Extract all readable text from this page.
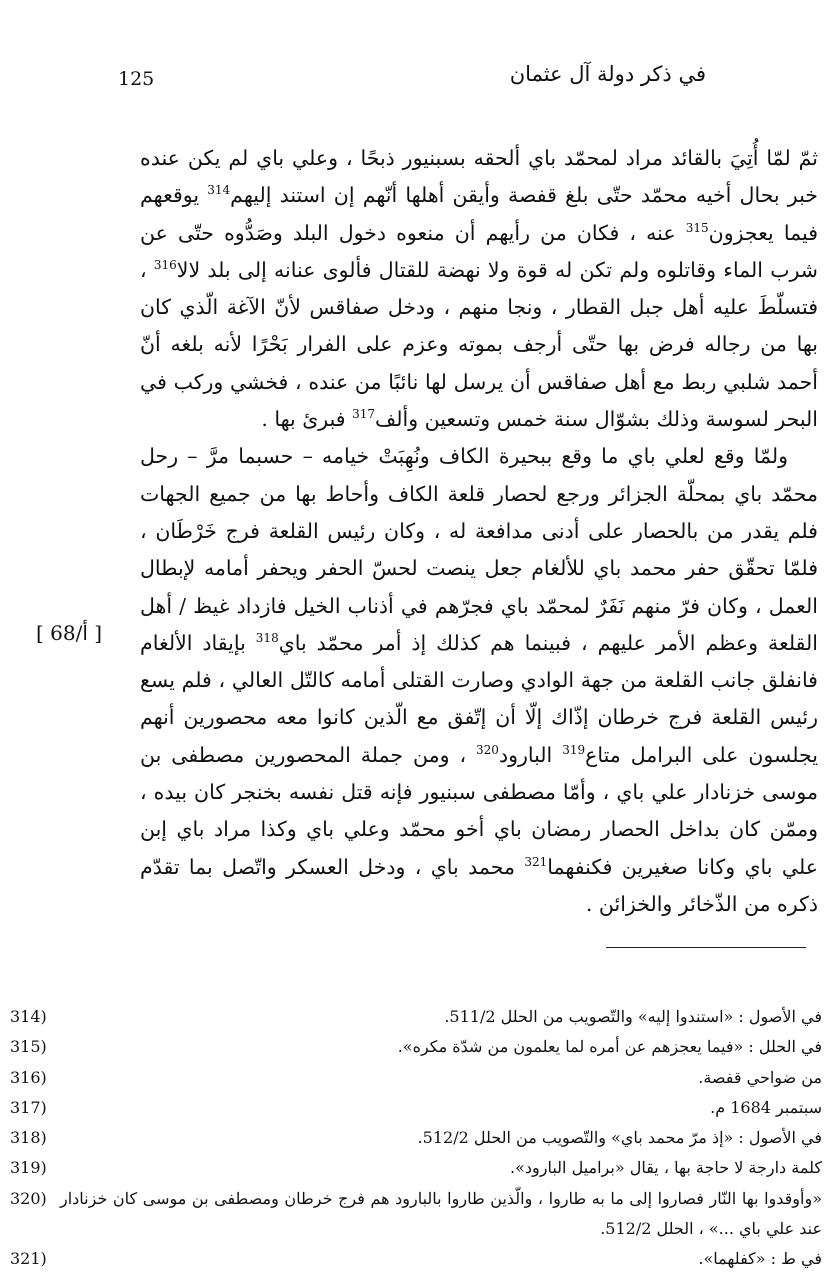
125	في ذكر دولة آل عثمان
[ 68/أ ]

ثمّ لمّا أُتِيَ بالقائد مراد لمحمّد باي ألحقه بسبنيور ذبحًا ، وعلي باي لم يكن عنده خبر بحال أخيه محمّد حتّى بلغ قفصة وأيقن أهلها أنّهم إن استند إليهم$^{314}$ يوقعهم فيما يعجزون$^{315}$ عنه ، فكان من رأيهم أن منعوه دخول البلد وصَدُّوه حتّى عن شرب الماء وقاتلوه ولم تكن له قوة ولا نهضة للقتال فألوى عنانه إلى بلد لالا$^{316}$ ، فتسلّطَ عليه أهل جبل القطار ، ونجا منهم ، ودخل صفاقس لأنّ الآغة الّذي كان بها من رجاله فرض بها حتّى أرجف بموته وعزم على الفرار بَحْرًا لأنه بلغه أنّ أحمد شلبي ربط مع أهل صفاقس أن يرسل لها نائبًا من عنده ، فخشي وركب في البحر لسوسة وذلك بشوّال سنة خمس وتسعين وألف$^{317}$ فبرئ بها .

ولمّا وقع لعلي باي ما وقع ببحيرة الكاف ونُهِبَتْ خيامه – حسبما مرَّ – رحل محمّد باي بمحلّة الجزائر ورجع لحصار قلعة الكاف وأحاط بها من جميع الجهات فلم يقدر من بالحصار على أدنى مدافعة له ، وكان رئيس القلعة فرج خَرْطَان ، فلمّا تحقّق حفر محمد باي للألغام جعل ينصت لحسّ الحفر ويحفر أمامه لإبطال العمل ، وكان فرّ منهم نَفَرٌ لمحمّد باي فجرّهم في أذناب الخيل فازداد غيظ / أهل القلعة وعظم الأمر عليهم ، فبينما هم كذلك إذ أمر محمّد باي$^{318}$ بإيقاد الألغام فانفلق جانب القلعة من جهة الوادي وصارت القتلى أمامه كالتّل العالي ، فلم يسع رئيس القلعة فرج خرطان إذّاك إلّا أن إتّفق مع الّذين كانوا معه محصورين أنهم يجلسون على البرامل متاع$^{319}$ البارود$^{320}$ ، ومن جملة المحصورين مصطفى بن موسى خزنادار علي باي ، وأمّا مصطفى سبنيور فإنه قتل نفسه بخنجر كان بيده ، وممّن كان بداخل الحصار رمضان باي أخو محمّد وعلي باي وكذا مراد باي إبن علي باي وكانا صغيرين فكنفهما$^{321}$ محمد باي ، ودخل العسكر واتّصل بما تقدّم ذكره من الذّخائر والخزائن .

في الأصول : «استندوا إليه» والتّصويب من الحلل 511/2.
314)
في الحلل : «فيما يعجزهم عن أمره لما يعلمون من شدّة مكره».
315)
من ضواحي قفصة.
316)
سبتمبر 1684 م.
317)
في الأصول : «إذ مرّ محمد باي» والتّصويب من الحلل 512/2.
318)
كلمة دارجة لا حاجة بها ، يقال «براميل البارود».
319)
«وأوقدوا بها النّار فصاروا إلى ما به طاروا ، والّذين طاروا بالبارود هم فرج خرطان ومصطفى بن موسى كان خزنادار عند علي باي ...» ، الحلل 512/2.
320)
في ط : «كفلهما».
321)
